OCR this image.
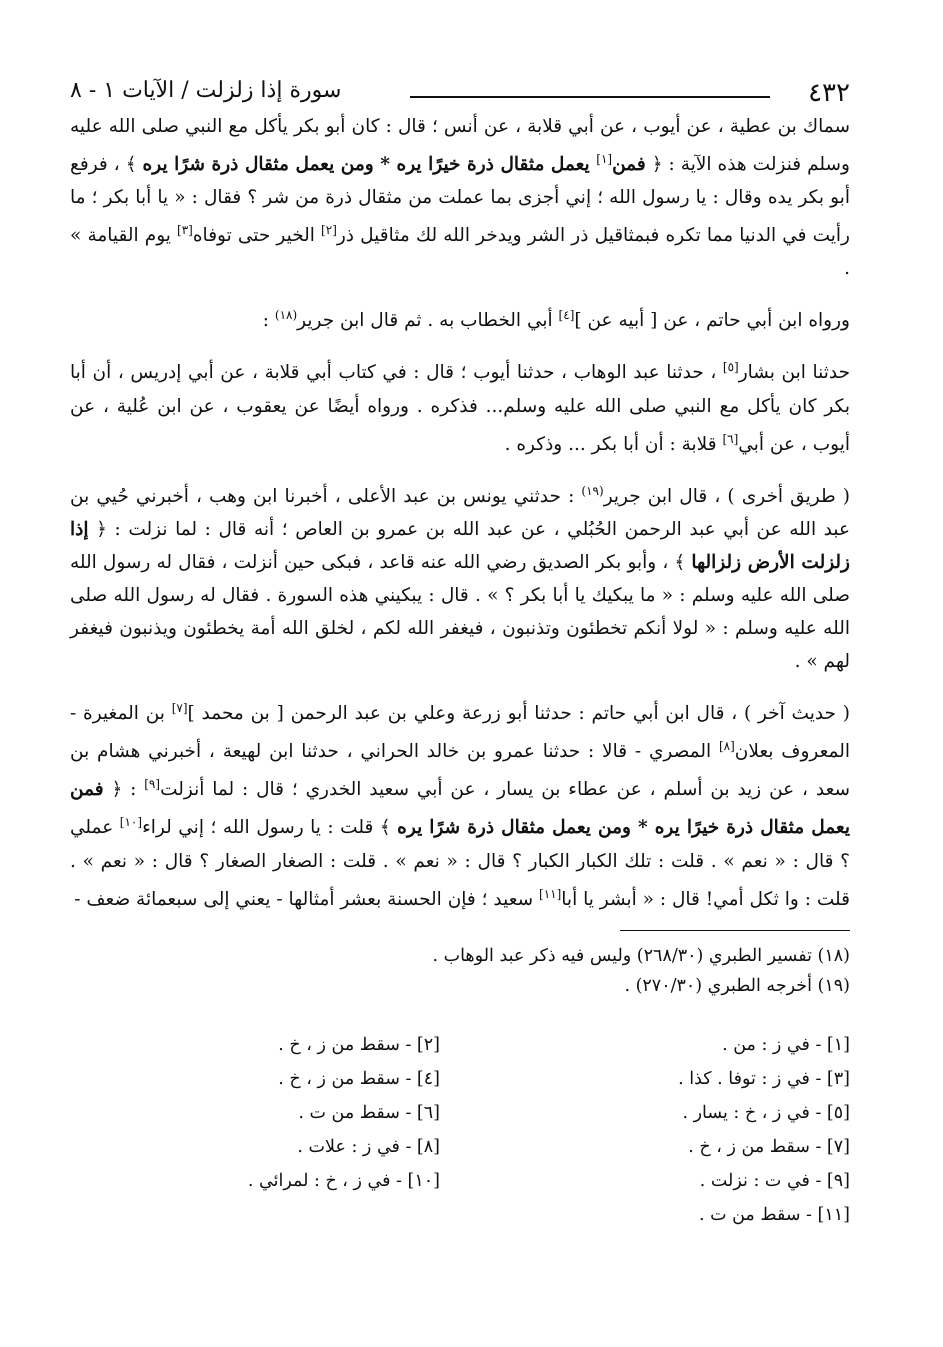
٤٣٢
سورة إذا زلزلت / الآيات ١ - ٨

سماك بن عطية ، عن أيوب ، عن أبي قلابة ، عن أنس ؛ قال : كان أبو بكر يأكل مع النبي صلى الله عليه وسلم فنزلت هذه الآية : ﴿ فمن[١] يعمل مثقال ذرة خيرًا يره * ومن يعمل مثقال ذرة شرًا يره ﴾ ، فرفع أبو بكر يده وقال : يا رسول الله ؛ إني أجزى بما عملت من مثقال ذرة من شر ؟ فقال : « يا أبا بكر ؛ ما رأيت في الدنيا مما تكره فبمثاقيل ذر الشر ويدخر الله لك مثاقيل ذر[٢] الخير حتى توفاه[٣] يوم القيامة » .

ورواه ابن أبي حاتم ، عن [ أبيه عن ][٤] أبي الخطاب به . ثم قال ابن جرير$^{(١٨)}$ :

حدثنا ابن بشار[٥] ، حدثنا عبد الوهاب ، حدثنا أيوب ؛ قال : في كتاب أبي قلابة ، عن أبي إدريس ، أن أبا بكر كان يأكل مع النبي صلى الله عليه وسلم... فذكره . ورواه أيضًا عن يعقوب ، عن ابن عُلية ، عن أيوب ، عن أبي[٦] قلابة : أن أبا بكر ... وذكره .

( طريق أخرى ) ، قال ابن جرير$^{(١٩)}$ : حدثني يونس بن عبد الأعلى ، أخبرنا ابن وهب ، أخبرني حُيي بن عبد الله عن أبي عبد الرحمن الحُبُلي ، عن عبد الله بن عمرو بن العاص ؛ أنه قال : لما نزلت : ﴿ إذا زلزلت الأرض زلزالها ﴾ ، وأبو بكر الصديق رضي الله عنه قاعد ، فبكى حين أنزلت ، فقال له رسول الله صلى الله عليه وسلم : « ما يبكيك يا أبا بكر ؟ » . قال : يبكيني هذه السورة . فقال له رسول الله صلى الله عليه وسلم : « لولا أنكم تخطئون وتذنبون ، فيغفر الله لكم ، لخلق الله أمة يخطئون ويذنبون فيغفر لهم » .

( حديث آخر ) ، قال ابن أبي حاتم : حدثنا أبو زرعة وعلي بن عبد الرحمن [ بن محمد ][٧] بن المغيرة - المعروف بعلان[٨] المصري - قالا : حدثنا عمرو بن خالد الحراني ، حدثنا ابن لهيعة ، أخبرني هشام بن سعد ، عن زيد بن أسلم ، عن عطاء بن يسار ، عن أبي سعيد الخدري ؛ قال : لما أنزلت[٩] : ﴿ فمن يعمل مثقال ذرة خيرًا يره * ومن يعمل مثقال ذرة شرًا يره ﴾ قلت : يا رسول الله ؛ إني لراء[١٠] عملي ؟ قال : « نعم » . قلت : تلك الكبار الكبار ؟ قال : « نعم » . قلت : الصغار الصغار ؟ قال : « نعم » . قلت : وا ثكل أمي! قال : « أبشر يا أبا[١١] سعيد ؛ فإن الحسنة بعشر أمثالها - يعني إلى سبعمائة ضعف -

(١٨) تفسير الطبري (٢٦٨/٣٠) وليس فيه ذكر عبد الوهاب .

(١٩) أخرجه الطبري (٢٧٠/٣٠) .

[١] - في ز : من .
[٢] - سقط من ز ، خ .
[٣] - في ز : توفا . كذا .
[٤] - سقط من ز ، خ .
[٥] - في ز ، خ : يسار .
[٦] - سقط من ت .
[٧] - سقط من ز ، خ .
[٨] - في ز : علات .
[٩] - في ت : نزلت .
[١٠] - في ز ، خ : لمرائي .
[١١] - سقط من ت .
